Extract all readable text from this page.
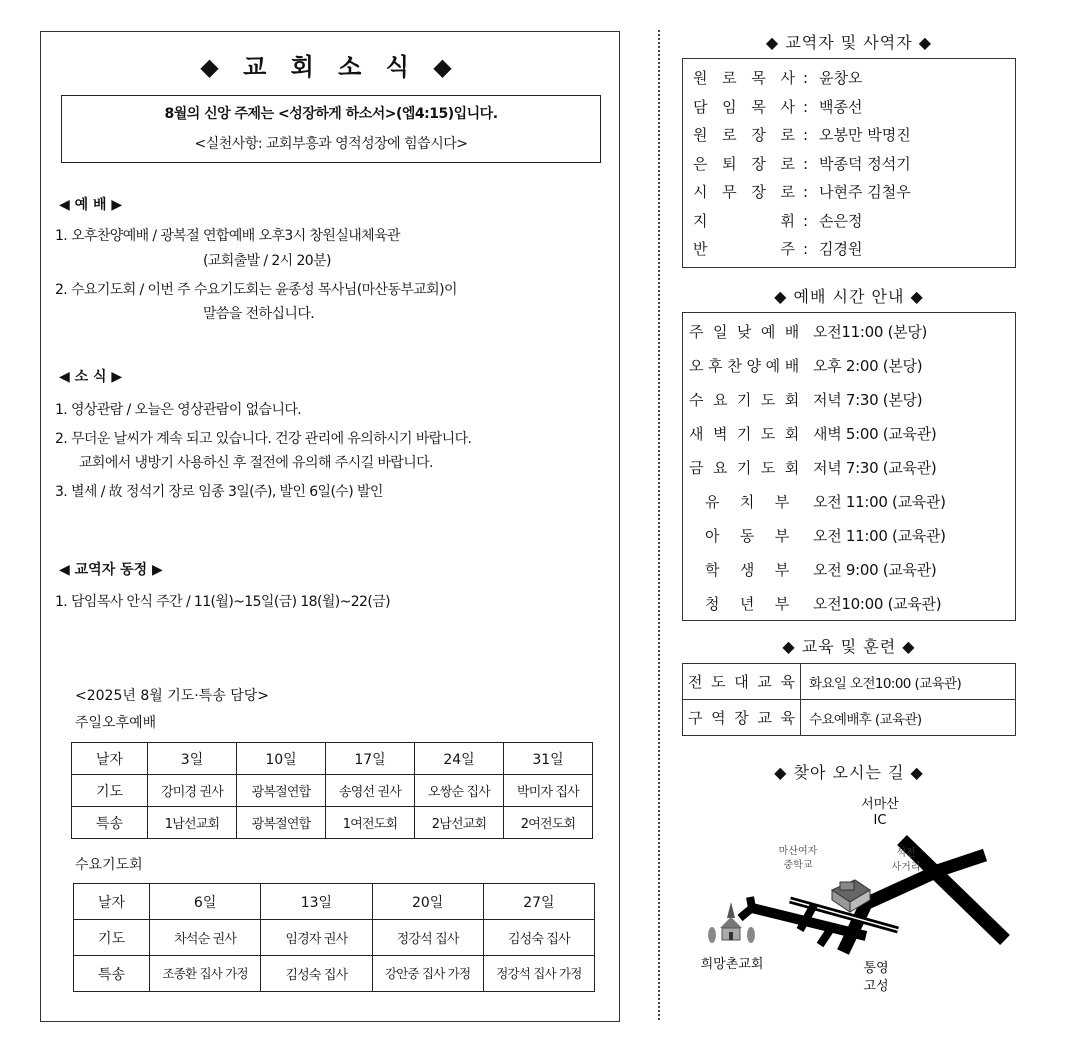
◆ 교 회 소 식 ◆
8월의 신앙 주제는 <성장하게 하소서>(엡4:15)입니다.
<실천사항: 교회부흥과 영적성장에 힘씁시다>
◀ 예 배 ▶
1. 오후찬양예배 / 광복절 연합예배 오후3시 창원실내체육관
(교회출발 / 2시 20분)
2. 수요기도회 / 이번 주 수요기도회는 윤종성 목사님(마산동부교회)이
말씀을 전하십니다.
◀ 소 식 ▶
1. 영상관람 / 오늘은 영상관람이 없습니다.
2. 무더운 날씨가 계속 되고 있습니다. 건강 관리에 유의하시기 바랍니다.
교회에서 냉방기 사용하신 후 절전에 유의해 주시길 바랍니다.
3. 별세 / 故 정석기 장로 임종 3일(주), 발인 6일(수) 발인
◀ 교역자 동정 ▶
1. 담임목사 안식 주간 / 11(월)~15일(금) 18(월)~22(금)
<2025년 8월 기도·특송 담당>
주일오후예배
날자	3일	10일	17일	24일	31일
기도	강미경 권사	광복절연합	송영선 권사	오쌍순 집사	박미자 집사
특송	1남선교회	광복절연합	1여전도회	2남선교회	2여전도회
수요기도회
날자	6일	13일	20일	27일
기도	차석순 권사	임경자 권사	정강석 집사	김성숙 집사
특송	조종환 집사 가정	김성숙 집사	강안중 집사 가정	정강석 집사 가정
◆ 교역자 및 사역자 ◆
원 로 목 사 : 윤창오
담 임 목 사 : 백종선
원 로 장 로 : 오봉만 박명진
은 퇴 장 로 : 박종덕 정석기
시 무 장 로 : 나현주 김철우
지	휘 : 손은정
반	주 : 김경원
◆ 예배 시간 안내 ◆
주 일 낮 예 배 오전11:00 (본당)
오 후 찬 양 예 배 오후 2:00 (본당)
수 요 기 도 회 저녁 7:30 (본당)
새 벽 기 도 회 새벽 5:00 (교육관)
금 요 기 도 회 저녁 7:30 (교육관)
유 치 부 오전 11:00 (교육관)
아 동 부 오전 11:00 (교육관)
학 생 부 오전 9:00 (교육관)
청 년 부 오전10:00 (교육관)
◆ 교육 및 훈련 ◆
전 도 대 교 육	화요일 오전10:00 (교육관)

구 역 장 교 육	수요예배후 (교육관)
◆ 찾아 오시는 길 ◆
서마산
IC
마산여자
중학교
석전
사거리
통영
고성
희망촌교회
